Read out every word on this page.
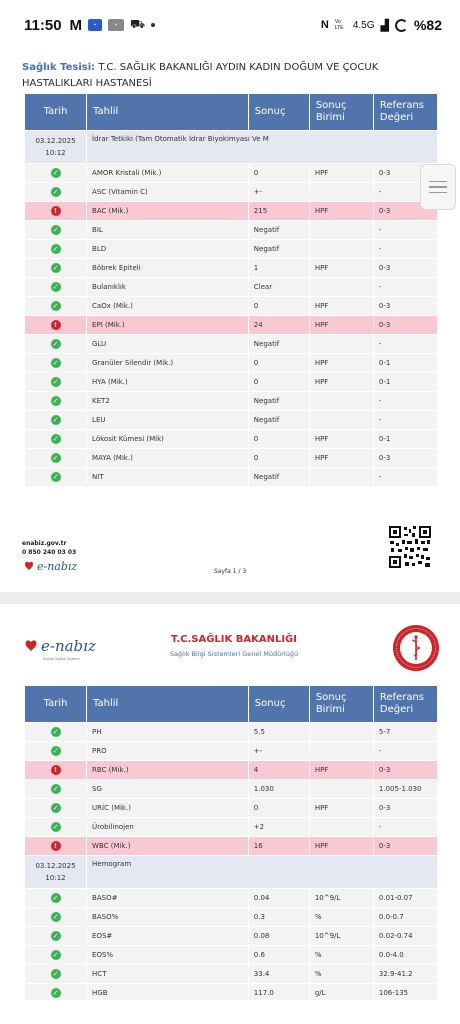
11:50 M	▪	▪	⛟	N Vo LTE 4.5G ▟ %82
Sağlık Tesisi: T.C. SAĞLIK BAKANLIĞI AYDIN KADIN DOĞUM VE ÇOCUK HASTALIKLARI HASTANESİ
Tarih	Tahlil	Sonuç	Sonuç Birimi	Referans Değeri
03.12.2025
10:12	İdrar Tetkiki (Tam Otomatik İdrar Biyokimyası Ve M			
✓	AMOR Kristali (Mik.)	0	HPF	0-3
✓	ASC (Vitamin C)	+-		-
!	BAC (Mik.)	215	HPF	0-3
✓	BIL	Negatif		-
✓	BLD	Negatif		-
✓	Böbrek Epiteli	1	HPF	0-3
✓	Bulanıklık	Clear		-
✓	CaOx (Mik.)	0	HPF	0-3
!	EPI (Mik.)	24	HPF	0-3
✓	GLU	Negatif		-
✓	Granüler Silendir (Mik.)	0	HPF	0-1
✓	HYA (Mik.)	0	HPF	0-1
✓	KET2	Negatif		-
✓	LEU	Negatif		-
✓	Lökosit Kümesi (Mik)	0	HPF	0-1
✓	MAYA (Mik.)	0	HPF	0-3
✓	NIT	Negatif		-
enabiz.gov.tr
0 850 240 03 03
e-nabız	Sayfa 1 / 3
e-nabız
Kişisel Sağlık Sistemi
T.C.SAĞLIK BAKANLIĞI
Sağlık Bilgi Sistemleri Genel Müdürlüğü
Tarih	Tahlil	Sonuç	Sonuç Birimi	Referans Değeri
✓	PH	5.5		5-7
✓	PRO	+-		-
!	RBC (Mik.)	4	HPF	0-3
✓	SG	1.030		1.005-1.030
✓	URİC (Mik.)	0	HPF	0-3
✓	Ürobilinojen	+2		-
!	WBC (Mik.)	16	HPF	0-3
03.12.2025
10:12	Hemogram			
✓	BASO#	0.04	10^9/L	0.01-0.07
✓	BASO%	0.3	%	0.0-0.7
✓	EOS#	0.08	10^9/L	0.02-0.74
✓	EOS%	0.6	%	0.0-4.0
✓	HCT	33.4	%	32.9-41.2
✓	HGB	117.0	g/L	106-135
